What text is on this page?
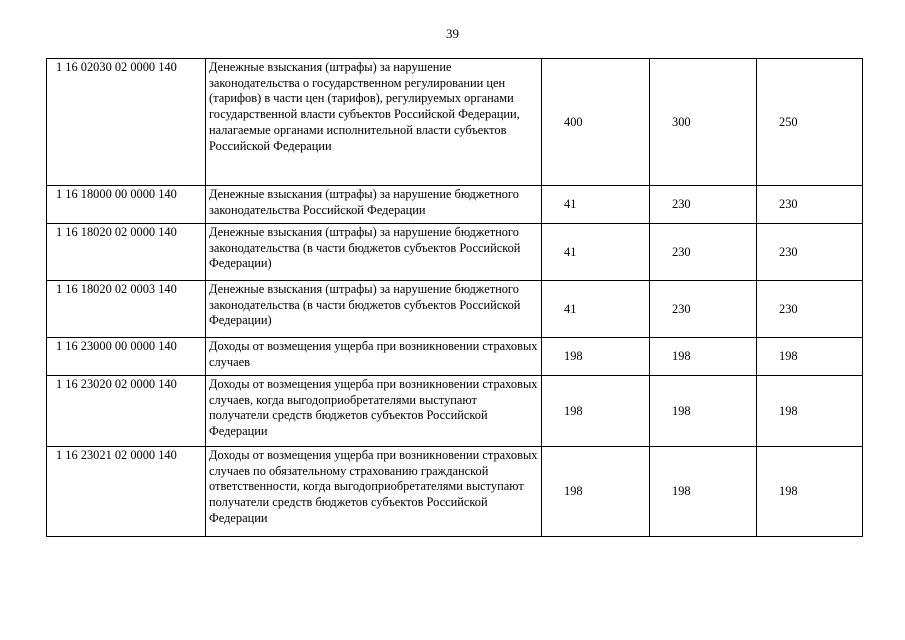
39
1 16 02030 02 0000 140	Денежные взыскания (штрафы) за нарушение законодательства о государственном регулировании цен (тарифов) в части цен (тарифов), регулируемых органами государственной власти субъектов Российской Федерации, налагаемые органами исполнительной власти субъектов Российской Федерации	400	300	250
1 16 18000 00 0000 140	Денежные взыскания (штрафы) за нарушение бюджетного законодательства Российской Федерации	41	230	230
1 16 18020 02 0000 140	Денежные взыскания (штрафы) за нарушение бюджетного законодательства (в части бюджетов субъектов Российской Федерации)	41	230	230
1 16 18020 02 0003 140	Денежные взыскания (штрафы) за нарушение бюджетного законодательства (в части бюджетов субъектов Российской Федерации)	41	230	230
1 16 23000 00 0000 140	Доходы от возмещения ущерба при возникновении страховых случаев	198	198	198
1 16 23020 02 0000 140	Доходы от возмещения ущерба при возникновении страховых случаев, когда выгодоприобретателями выступают получатели средств бюджетов субъектов Российской Федерации	198	198	198
1 16 23021 02 0000 140	Доходы от возмещения ущерба при возникновении страховых случаев по обязательному страхованию гражданской ответственности, когда выгодоприобретателями выступают получатели средств бюджетов субъектов Российской Федерации	198	198	198
